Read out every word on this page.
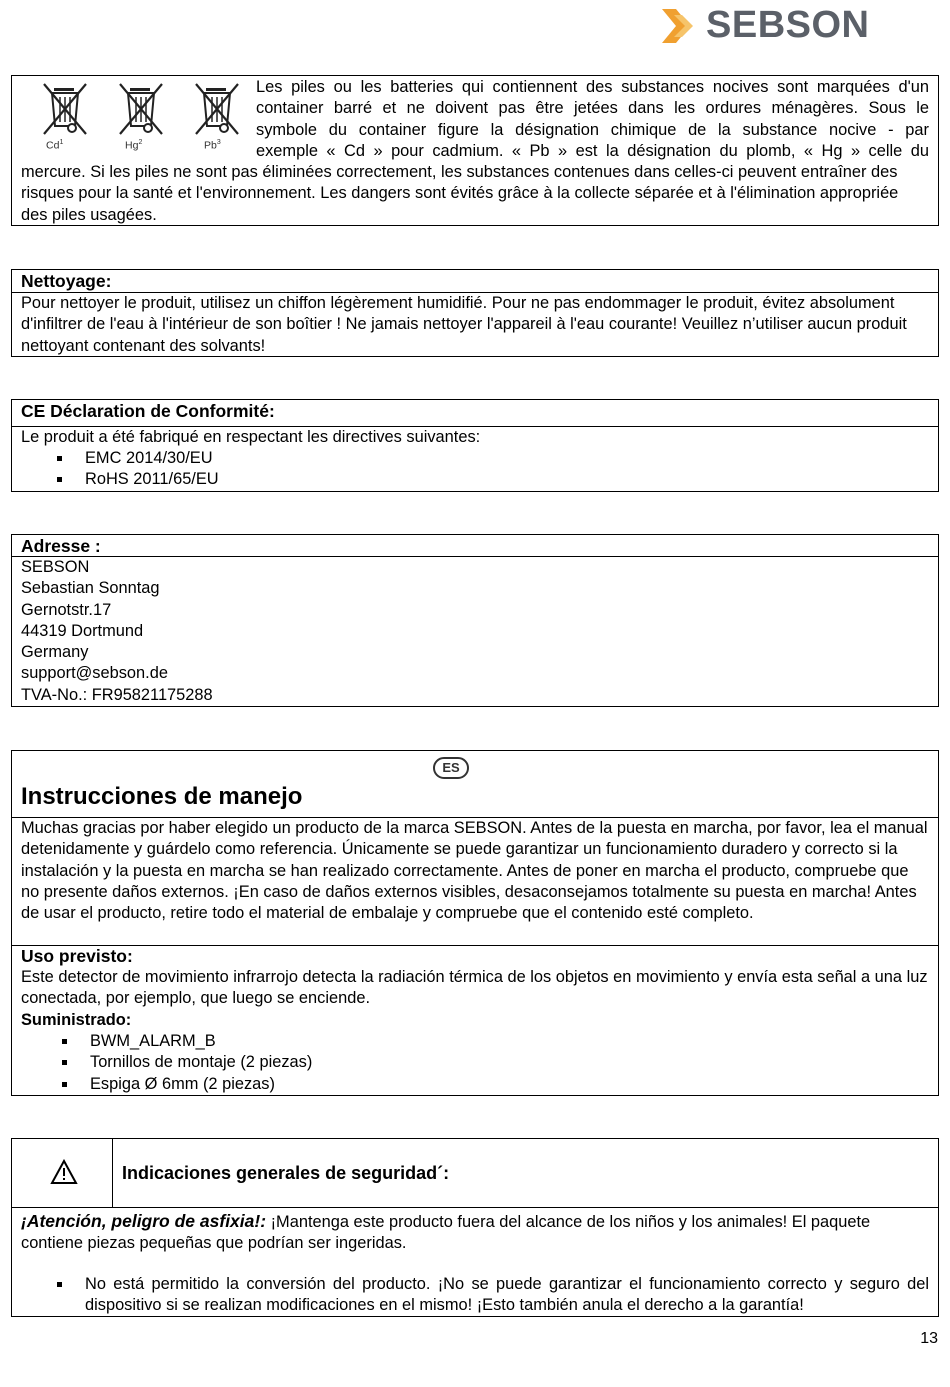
SEBSON
Cd$^1$	Hg$^2$	Pb$^3$
Les piles ou les batteries qui contiennent des substances nocives sont marquées d'un
container barré et ne doivent pas être jetées dans les ordures ménagères. Sous le
symbole du container figure la désignation chimique de la substance nocive - par
exemple « Cd » pour cadmium. « Pb » est la désignation du plomb, « Hg » celle du
mercure. Si les piles ne sont pas éliminées correctement, les substances contenues dans celles-ci peuvent entraîner des risques pour la santé et l'environnement. Les dangers sont évités grâce à la collecte séparée et à l'élimination appropriée des piles usagées.
Nettoyage:
Pour nettoyer le produit, utilisez un chiffon légèrement humidifié. Pour ne pas endommager le produit, évitez absolument d'infiltrer de l'eau à l'intérieur de son boîtier ! Ne jamais nettoyer l'appareil à l'eau courante! Veuillez n’utiliser aucun produit nettoyant contenant des solvants!
CE Déclaration de Conformité:
Le produit a été fabriqué en respectant les directives suivantes:
EMC 2014/30/EU
RoHS 2011/65/EU
Adresse :
SEBSON
Sebastian Sonntag
Gernotstr.17
44319 Dortmund
Germany
support@sebson.de
TVA-No.: FR95821175288
ES
Instrucciones de manejo
Muchas gracias por haber elegido un producto de la marca SEBSON. Antes de la puesta en marcha, por favor, lea el manual detenidamente y guárdelo como referencia. Únicamente se puede garantizar un funcionamiento duradero y correcto si la instalación y la puesta en marcha se han realizado correctamente. Antes de poner en marcha el producto, compruebe que no presente daños externos. ¡En caso de daños externos visibles, desaconsejamos totalmente su puesta en marcha! Antes de usar el producto, retire todo el material de embalaje y compruebe que el contenido esté completo.
Uso previsto:
Este detector de movimiento infrarrojo detecta la radiación térmica de los objetos en movimiento y envía esta señal a una luz conectada, por ejemplo, que luego se enciende.
Suministrado:
BWM_ALARM_B
Tornillos de montaje (2 piezas)
Espiga Ø 6mm (2 piezas)
Indicaciones generales de seguridad´:
¡Atención, peligro de asfixia!: ¡Mantenga este producto fuera del alcance de los niños y los animales! El paquete contiene piezas pequeñas que podrían ser ingeridas.
No está permitido la conversión del producto. ¡No se puede garantizar el funcionamiento correcto y seguro del dispositivo si se realizan modificaciones en el mismo! ¡Esto también anula el derecho a la garantía!
13
